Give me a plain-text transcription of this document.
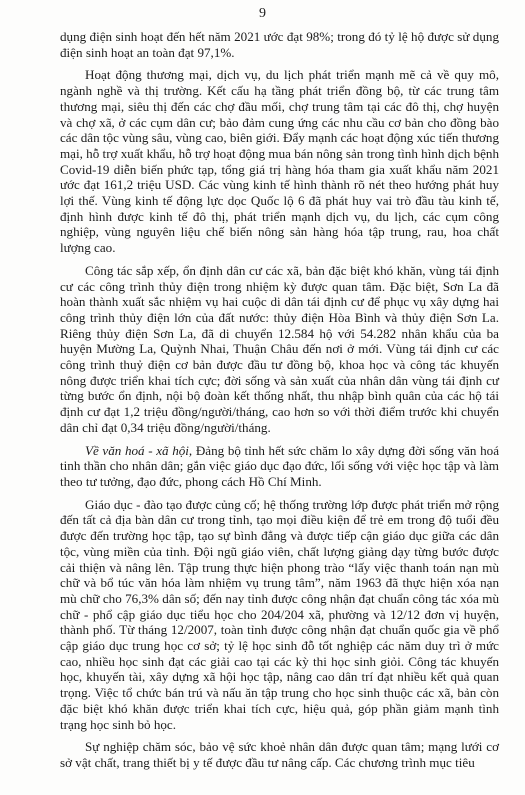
9

dụng điện sinh hoạt đến hết năm 2021 ước đạt 98%; trong đó tỷ lệ hộ được sử dụng điện sinh hoạt an toàn đạt 97,1%.

Hoạt động thương mại, dịch vụ, du lịch phát triển mạnh mẽ cả về quy mô, ngành nghề và thị trường. Kết cấu hạ tầng phát triển đồng bộ, từ các trung tâm thương mại, siêu thị đến các chợ đầu mối, chợ trung tâm tại các đô thị, chợ huyện và chợ xã, ở các cụm dân cư; bảo đảm cung ứng các nhu cầu cơ bản cho đồng bào các dân tộc vùng sâu, vùng cao, biên giới. Đẩy mạnh các hoạt động xúc tiến thương mại, hỗ trợ xuất khẩu, hỗ trợ hoạt động mua bán nông sản trong tình hình dịch bệnh Covid-19 diễn biến phức tạp, tổng giá trị hàng hóa tham gia xuất khẩu năm 2021 ước đạt 161,2 triệu USD. Các vùng kinh tế hình thành rõ nét theo hướng phát huy lợi thế. Vùng kinh tế động lực dọc Quốc lộ 6 đã phát huy vai trò đầu tàu kinh tế, định hình được kinh tế đô thị, phát triển mạnh dịch vụ, du lịch, các cụm công nghiệp, vùng nguyên liệu chế biến nông sản hàng hóa tập trung, rau, hoa chất lượng cao.

Công tác sắp xếp, ổn định dân cư các xã, bản đặc biệt khó khăn, vùng tái định cư các công trình thủy điện trong nhiệm kỳ được quan tâm. Đặc biệt, Sơn La đã hoàn thành xuất sắc nhiệm vụ hai cuộc di dân tái định cư để phục vụ xây dựng hai công trình thủy điện lớn của đất nước: thủy điện Hòa Bình và thủy điện Sơn La. Riêng thủy điện Sơn La, đã di chuyển 12.584 hộ với 54.282 nhân khẩu của ba huyện Mường La, Quỳnh Nhai, Thuận Châu đến nơi ở mới. Vùng tái định cư các công trình thuỷ điện cơ bản được đầu tư đồng bộ, khoa học và công tác khuyến nông được triển khai tích cực; đời sống và sản xuất của nhân dân vùng tái định cư từng bước ổn định, nội bộ đoàn kết thống nhất, thu nhập bình quân của các hộ tái định cư đạt 1,2 triệu đồng/người/tháng, cao hơn so với thời điểm trước khi chuyển dân chỉ đạt 0,34 triệu đồng/người/tháng.

Về văn hoá - xã hội, Đảng bộ tỉnh hết sức chăm lo xây dựng đời sống văn hoá tinh thần cho nhân dân; gắn việc giáo dục đạo đức, lối sống với việc học tập và làm theo tư tưởng, đạo đức, phong cách Hồ Chí Minh.

Giáo dục - đào tạo được củng cố; hệ thống trường lớp được phát triển mở rộng đến tất cả địa bàn dân cư trong tỉnh, tạo mọi điều kiện để trẻ em trong độ tuổi đều được đến trường học tập, tạo sự bình đẳng và được tiếp cận giáo dục giữa các dân tộc, vùng miền của tỉnh. Đội ngũ giáo viên, chất lượng giảng dạy từng bước được cải thiện và nâng lên. Tập trung thực hiện phong trào “lấy việc thanh toán nạn mù chữ và bổ túc văn hóa làm nhiệm vụ trung tâm”, năm 1963 đã thực hiện xóa nạn mù chữ cho 76,3% dân số; đến nay tỉnh được công nhận đạt chuẩn công tác xóa mù chữ - phổ cập giáo dục tiểu học cho 204/204 xã, phường và 12/12 đơn vị huyện, thành phố. Từ tháng 12/2007, toàn tỉnh được công nhận đạt chuẩn quốc gia về phổ cập giáo dục trung học cơ sở; tỷ lệ học sinh đỗ tốt nghiệp các năm duy trì ở mức cao, nhiều học sinh đạt các giải cao tại các kỳ thi học sinh giỏi. Công tác khuyến học, khuyến tài, xây dựng xã hội học tập, nâng cao dân trí đạt nhiều kết quả quan trọng. Việc tổ chức bán trú và nấu ăn tập trung cho học sinh thuộc các xã, bản còn đặc biệt khó khăn được triển khai tích cực, hiệu quả, góp phần giảm mạnh tình trạng học sinh bỏ học.

Sự nghiệp chăm sóc, bảo vệ sức khoẻ nhân dân được quan tâm; mạng lưới cơ sở vật chất, trang thiết bị y tế được đầu tư nâng cấp. Các chương trình mục tiêu
